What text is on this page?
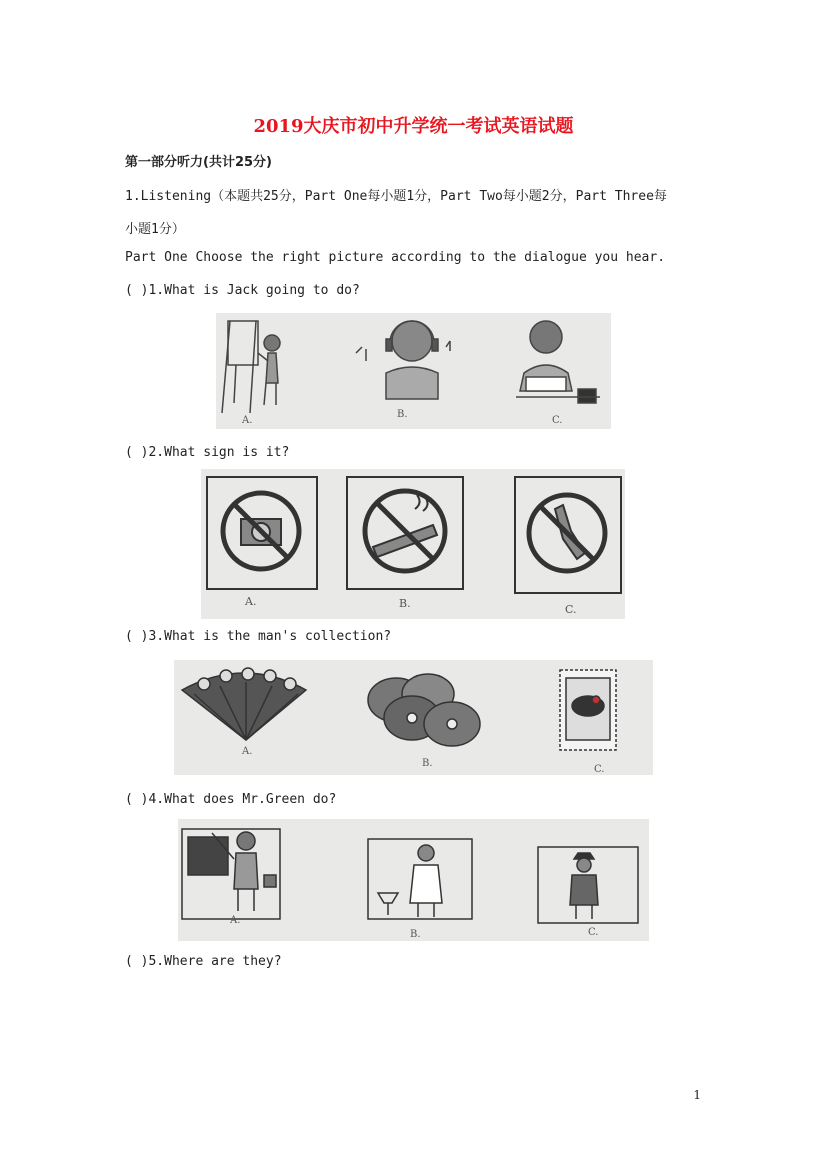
2019大庆市初中升学统一考试英语试题
第一部分听力(共计25分)
1.Listening（本题共25分，Part One每小题1分，Part Two每小题2分，Part Three每
小题1分）
Part One Choose the right picture according to the dialogue you hear.
( )1.What is Jack going to do?
A.
B.
C.
( )2.What sign is it?
A.	B.	C.
( )3.What is the man's collection?
A.
B.
C.
( )4.What does Mr.Green do?
A.
B.	C.
( )5.Where are they?
1
